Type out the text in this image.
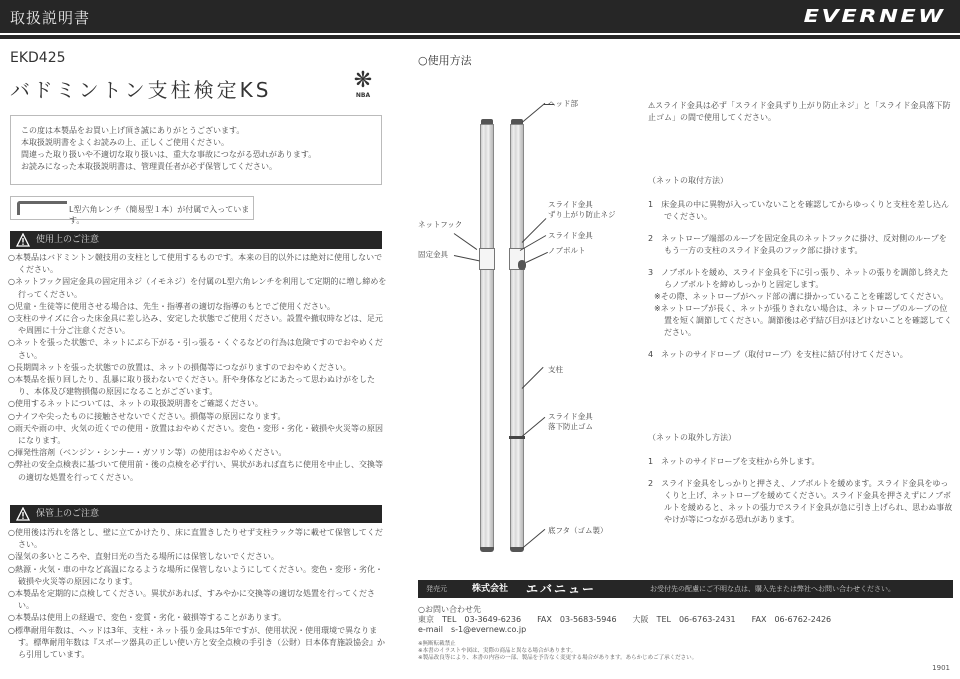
取扱説明書	EVERNEW
EKD425
バドミントン支柱検定KS	❋
NBA
この度は本製品をお買い上げ頂き誠にありがとうございます。
本取扱説明書をよくお読みの上、正しくご使用ください。
間違った取り扱いや不適切な取り扱いは、重大な事故につながる恐れがあります。
お読みになった本取扱説明書は、管理責任者が必ず保管してください。
L型六角レンチ（簡易型１本）が付属で入っています。
使用上のご注意
○本製品はバドミントン競技用の支柱として使用するものです。本来の目的以外には絶対に使用しないでください。
○ネットフック固定金具の固定用ネジ（イモネジ）を付属のL型六角レンチを利用して定期的に増し締めを行ってください。
○児童・生徒等に使用させる場合は、先生・指導者の適切な指導のもとでご使用ください。
○支柱のサイズに合った床金具に差し込み、安定した状態でご使用ください。設置や撤収時などは、足元や周囲に十分ご注意ください。
○ネットを張った状態で、ネットにぶら下がる・引っ張る・くぐるなどの行為は危険ですのでおやめください。
○長期間ネットを張った状態での放置は、ネットの損傷等につながりますのでおやめください。
○本製品を振り回したり、乱暴に取り扱わないでください。肝や身体などにあたって思わぬけがをしたり、本体及び建物損傷の原因になることがございます。
○使用するネットについては、ネットの取扱説明書をご確認ください。
○ナイフや尖ったものに接触させないでください。損傷等の原因になります。
○雨天や雨の中、火気の近くでの使用・放置はおやめください。変色・変形・劣化・破損や火災等の原因になります。
○揮発性溶剤（ベンジン・シンナー・ガソリン等）の使用はおやめください。
○弊社の安全点検表に基づいて使用前・後の点検を必ず行い、異状があれば直ちに使用を中止し、交換等の適切な処置を行ってください。
保管上のご注意
○使用後は汚れを落とし、壁に立てかけたり、床に直置きしたりせず支柱ラック等に載せて保管してください。
○湿気の多いところや、直射日光の当たる場所には保管しないでください。
○熱源・火気・車の中など高温になるような場所に保管しないようにしてください。変色・変形・劣化・破損や火災等の原因になります。
○本製品を定期的に点検してください。異状があれば、すみやかに交換等の適切な処置を行ってください。
○本製品は使用上の経過で、変色・変質・劣化・破損等することがあります。
○標準耐用年数は、ヘッドは3年、支柱・ネット張り金具は5年ですが、使用状況・使用環境で異なります。標準耐用年数は『スポーツ器具の正しい使い方と安全点検の手引き（公財）日本体育施設協会』から引用しています。
○使用方法
ヘッド部
スライド金具
ずり上がり防止ネジ
ネットフック
スライド金具
固定金具	ノブボルト
支柱
スライド金具
落下防止ゴム
底フタ（ゴム製）
⚠スライド金具は必ず「スライド金具ずり上がり防止ネジ」と「スライド金具落下防止ゴム」の間で使用してください。
（ネットの取付方法）
1　床金具の中に異物が入っていないことを確認してからゆっくりと支柱を差し込んでください。
2　ネットロープ端部のループを固定金具のネットフックに掛け、反対側のループをもう一方の支柱のスライド金具のフック部に掛けます。
3　ノブボルトを緩め、スライド金具を下に引っ張り、ネットの張りを調節し終えたらノブボルトを締めしっかりと固定します。
※その際、ネットロープがヘッド部の溝に掛かっていることを確認してください。
※ネットロープが長く、ネットが張りきれない場合は、ネットロープのループの位置を短く調節してください。調節後は必ず結び目がほどけないことを確認してください。
4　ネットのサイドロープ（取付ロープ）を支柱に結び付けてください。
（ネットの取外し方法）
1　ネットのサイドロープを支柱から外します。
2　スライド金具をしっかりと押さえ、ノブボルトを緩めます。スライド金具をゆっくりと上げ、ネットロープを緩めてください。スライド金具を押さえずにノブボルトを緩めると、ネットの張力でスライド金具が急に引き上げられ、思わぬ事故やけが等につながる恐れがあります。
発売元	株式会社 エバニュー	お受付先の配慮にご不明な点は、購入先または弊社へお問い合わせください。
○お問い合わせ先
東京　TEL　03-3649-6236　　FAX　03-5683-5946　　大阪　TEL　06-6763-2431　　FAX　06-6762-2426
e-mail　s-1@evernew.co.jp
※無断転載禁止
※本書のイラストや図は、実際の商品と異なる場合があります。
※製品改良等により、本書の内容の一部、製品を予告なく変更する場合があります。あらかじめご了承ください。
1901
